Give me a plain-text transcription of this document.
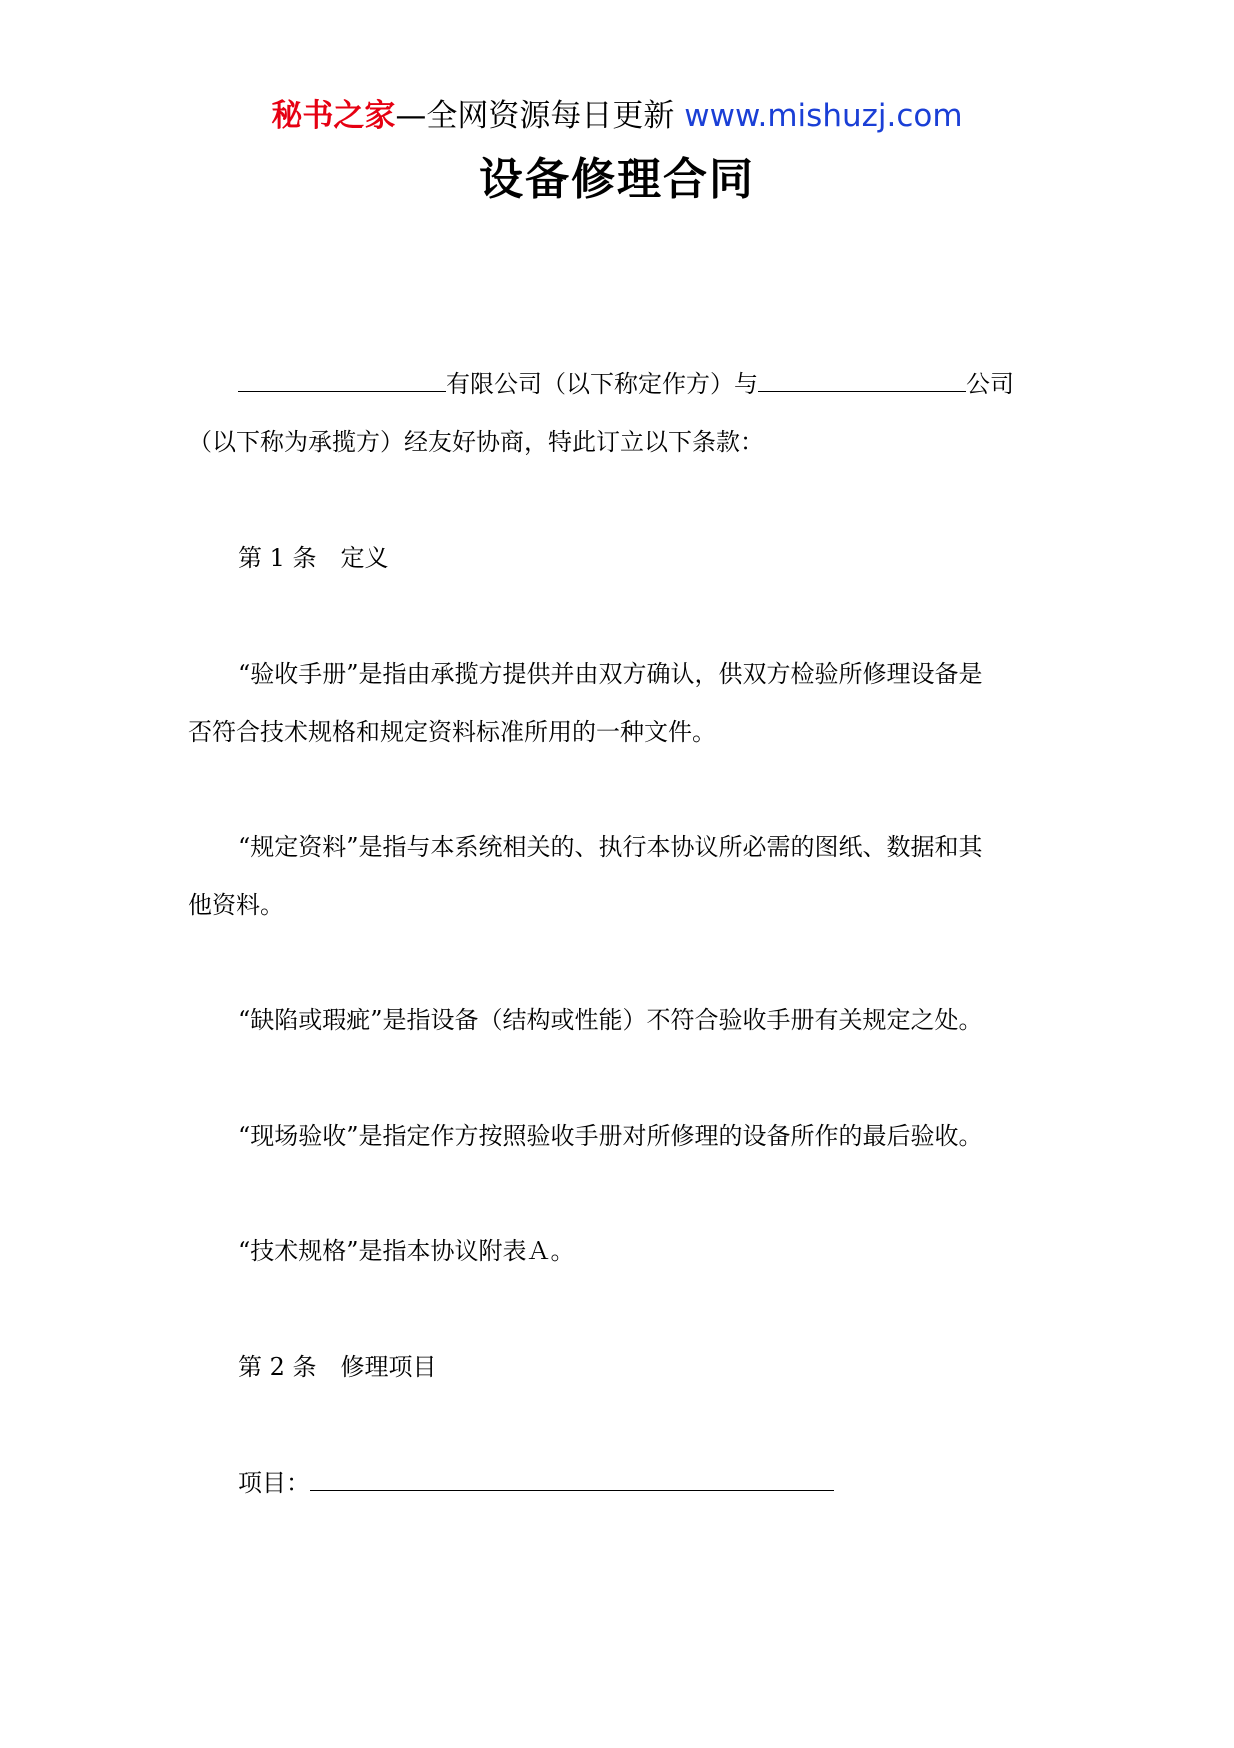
秘书之家—全网资源每日更新 www.mishuzj.com
设备修理合同
有限公司（以下称定作方）与	公司
（以下称为承揽方）经友好协商，特此订立以下条款：
第 1 条 定义
“验收手册”是指由承揽方提供并由双方确认，供双方检验所修理设备是
否符合技术规格和规定资料标准所用的一种文件。
“规定资料”是指与本系统相关的、执行本协议所必需的图纸、数据和其
他资料。
“缺陷或瑕疵”是指设备（结构或性能）不符合验收手册有关规定之处。
“现场验收”是指定作方按照验收手册对所修理的设备所作的最后验收。
“技术规格”是指本协议附表Ａ。
第 2 条 修理项目
项目：
